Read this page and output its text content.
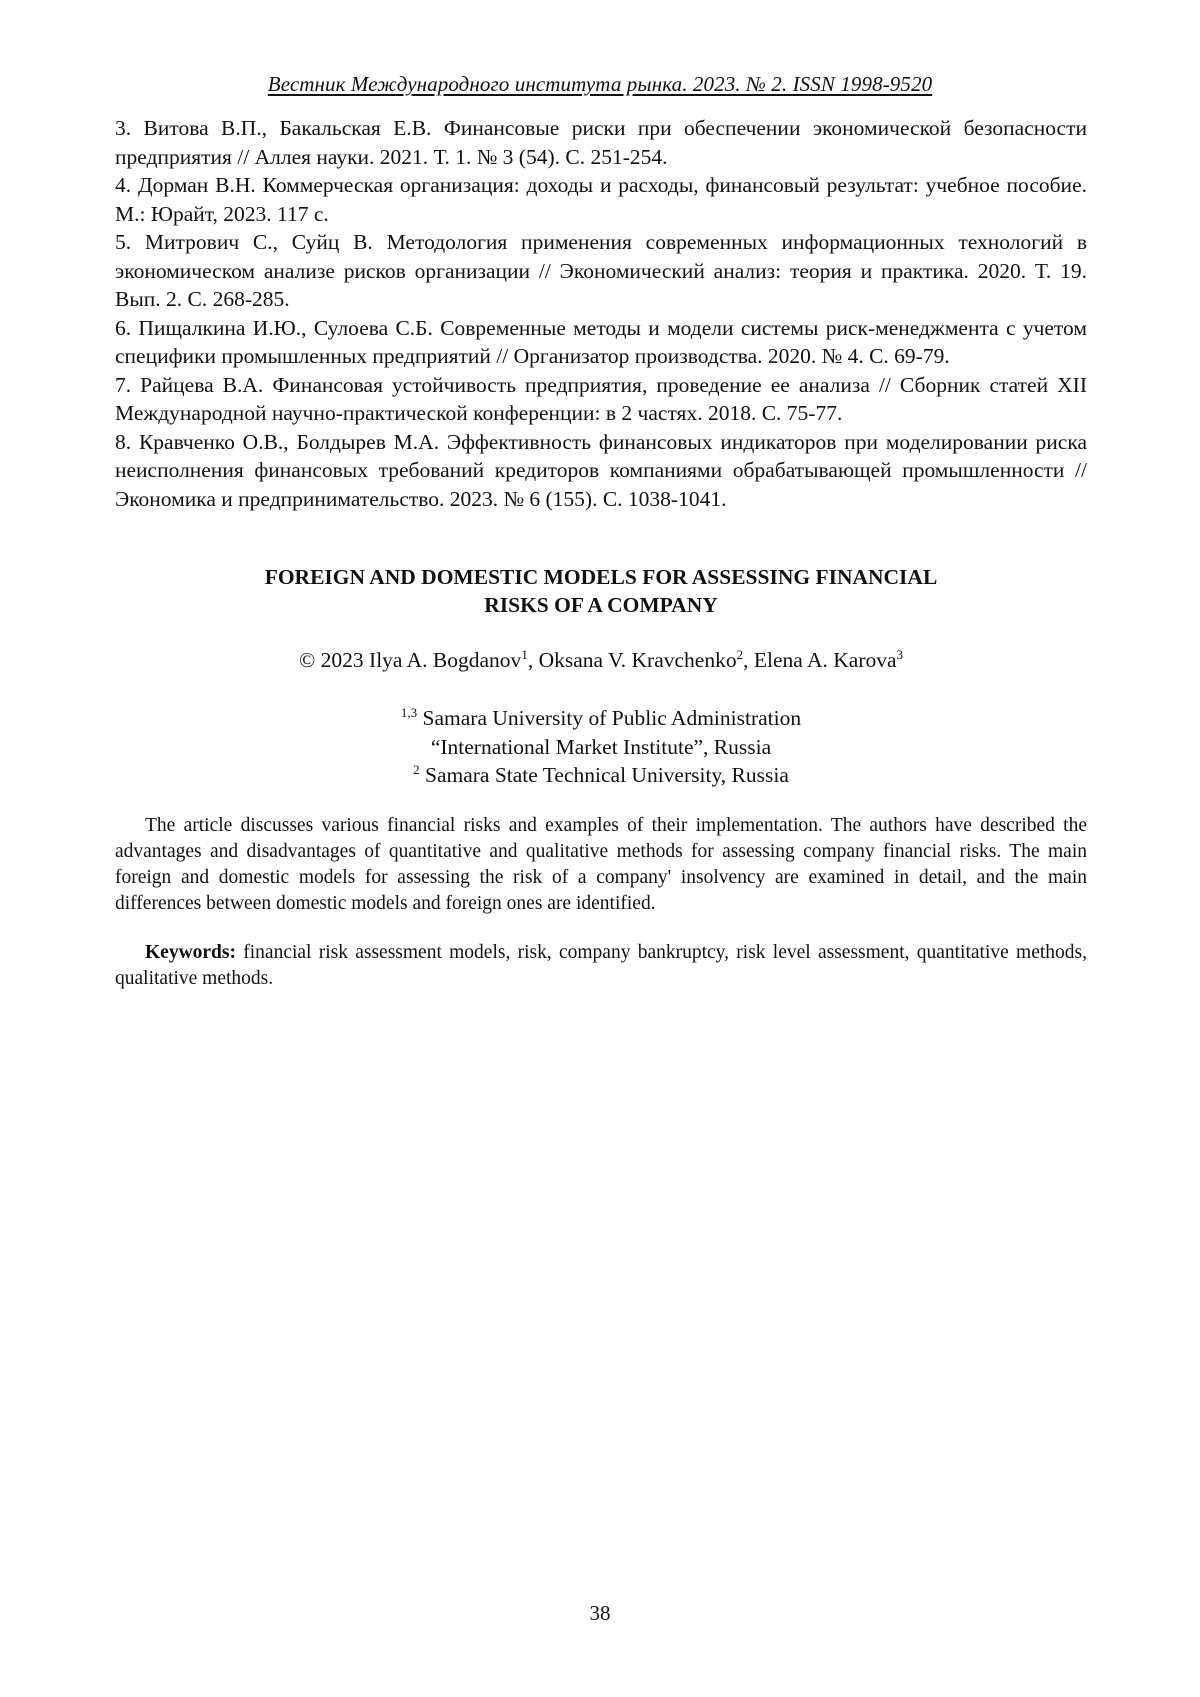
Вестник Международного института рынка. 2023. № 2. ISSN 1998-9520

3. Витова В.П., Бакальская Е.В. Финансовые риски при обеспечении экономической безопасности предприятия // Аллея науки. 2021. Т. 1. № 3 (54). С. 251-254.

4. Дорман В.Н. Коммерческая организация: доходы и расходы, финансовый результат: учебное пособие. М.: Юрайт, 2023. 117 с.

5. Митрович С., Суйц В. Методология применения современных информационных технологий в экономическом анализе рисков организации // Экономический анализ: теория и практика. 2020. Т. 19. Вып. 2. С. 268-285.

6. Пищалкина И.Ю., Сулоева С.Б. Современные методы и модели системы риск-менеджмента с учетом специфики промышленных предприятий // Организатор производства. 2020. № 4. С. 69-79.

7. Райцева В.А. Финансовая устойчивость предприятия, проведение ее анализа // Сборник статей XII Международной научно-практической конференции: в 2 частях. 2018. С. 75-77.

8. Кравченко О.В., Болдырев М.А. Эффективность финансовых индикаторов при моделировании риска неисполнения финансовых требований кредиторов компаниями обрабатывающей промышленности // Экономика и предпринимательство. 2023. № 6 (155). С. 1038-1041.

FOREIGN AND DOMESTIC MODELS FOR ASSESSING FINANCIAL
RISKS OF A COMPANY
© 2023 Ilya A. Bogdanov$^1$, Oksana V. Kravchenko$^2$, Elena A. Karova$^3$
$^{1,3}$ Samara University of Public Administration
“International Market Institute”, Russia
$^2$ Samara State Technical University, Russia

The article discusses various financial risks and examples of their implementation. The authors have described the advantages and disadvantages of quantitative and qualitative methods for assessing company financial risks. The main foreign and domestic models for assessing the risk of a company' insolvency are examined in detail, and the main differences between domestic models and foreign ones are identified.

Keywords: financial risk assessment models, risk, company bankruptcy, risk level assessment, quantitative methods, qualitative methods.

38
